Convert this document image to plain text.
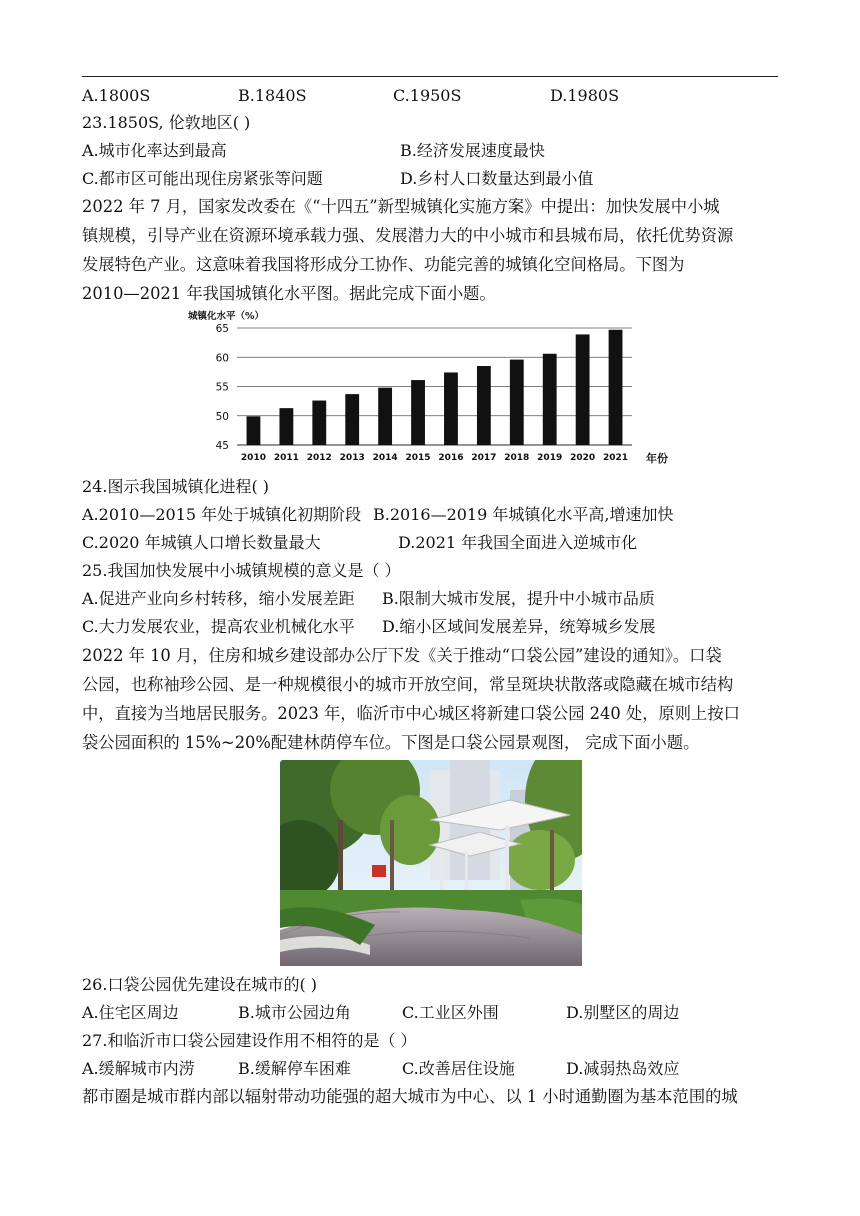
A.1800S	B.1840S	C.1950S	D.1980S
23.1850S, 伦敦地区( )
A.城市化率达到最高	B.经济发展速度最快
C.都市区可能出现住房紧张等问题	D.乡村人口数量达到最小值
2022 年 7 月，国家发改委在《“十四五”新型城镇化实施方案》中提出：加快发展中小城
镇规模，引导产业在资源环境承载力强、发展潜力大的中小城市和县城布局，依托优势资源
发展特色产业。这意味着我国将形成分工协作、功能完善的城镇化空间格局。下图为
2010—2021 年我国城镇化水平图。据此完成下面小题。
城镇化水平（%）
45
50
55
60
65
2010 2011 2012 2013 2014 2015 2016 2017 2018 2019 2020 2021 年份
24.图示我国城镇化进程( )
A.2010—2015 年处于城镇化初期阶段 B.2016—2019 年城镇化水平高,增速加快
C.2020 年城镇人口增长数量最大	D.2021 年我国全面进入逆城市化
25.我国加快发展中小城镇规模的意义是（ ）
A.促进产业向乡村转移，缩小发展差距 B.限制大城市发展，提升中小城市品质
C.大力发展农业，提高农业机械化水平 D.缩小区域间发展差异，统筹城乡发展
2022 年 10 月，住房和城乡建设部办公厅下发《关于推动“口袋公园”建设的通知》。口袋
公园，也称袖珍公园、是一种规模很小的城市开放空间，常呈斑块状散落或隐藏在城市结构
中，直接为当地居民服务。2023 年，临沂市中心城区将新建口袋公园 240 处，原则上按口
袋公园面积的 15%~20%配建林荫停车位。下图是口袋公园景观图， 完成下面小题。
26.口袋公园优先建设在城市的( )
A.住宅区周边	B.城市公园边角	C.工业区外围	D.别墅区的周边
27.和临沂市口袋公园建设作用不相符的是（ ）
A.缓解城市内涝	B.缓解停车困难	C.改善居住设施	D.减弱热岛效应
都市圈是城市群内部以辐射带动功能强的超大城市为中心、以 1 小时通勤圈为基本范围的城
